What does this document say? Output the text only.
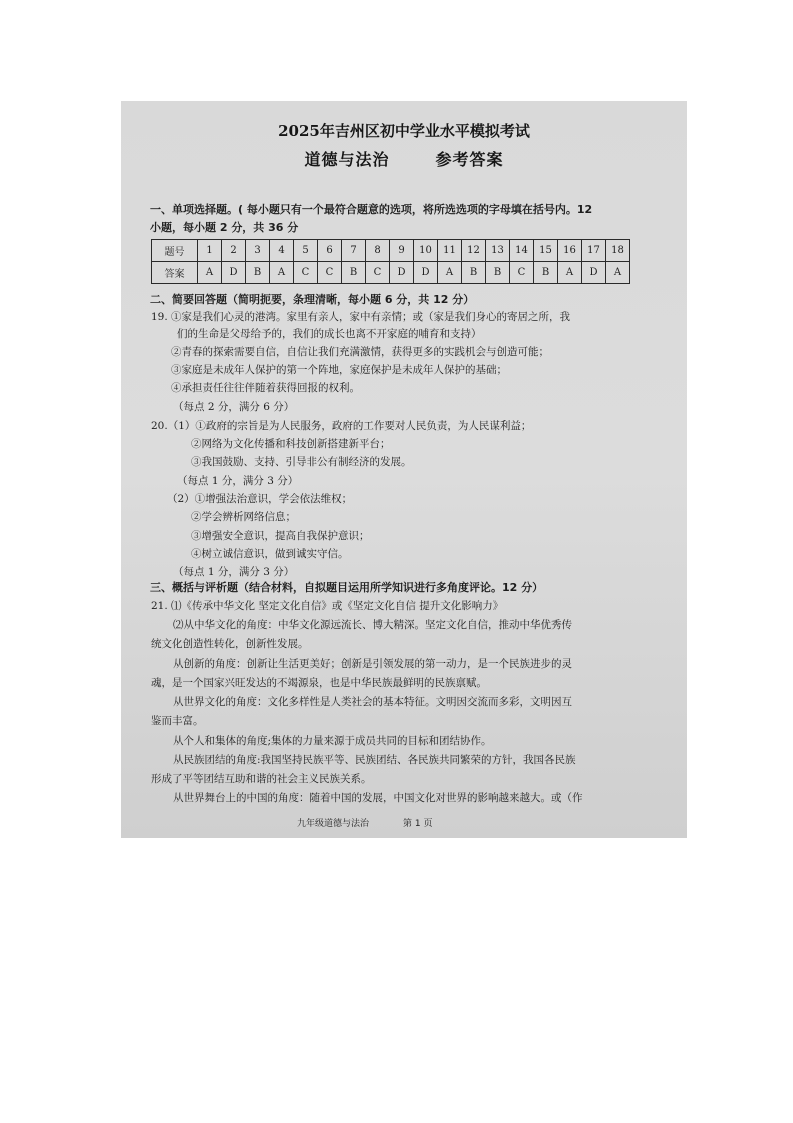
2025年吉州区初中学业水平模拟考试
道德与法治	参考答案
一、单项选择题。( 每小题只有一个最符合题意的选项，将所选选项的字母填在括号内。12
小题，每小题 2 分，共 36 分
题号	1	2	3	4	5	6	7	8	9	10	11	12	13	14	15	16	17	18
答案	A	D	B	A	C	C	B	C	D	D	A	B	B	C	B	A	D	A
二、简要回答题（简明扼要，条理清晰，每小题 6 分，共 12 分）
19. ①家是我们心灵的港湾。家里有亲人，家中有亲情；或（家是我们身心的寄居之所，我
们的生命是父母给予的，我们的成长也离不开家庭的哺育和支持）
②青春的探索需要自信，自信让我们充满激情，获得更多的实践机会与创造可能；
③家庭是未成年人保护的第一个阵地，家庭保护是未成年人保护的基础；
④承担责任往往伴随着获得回报的权利。
（每点 2 分，满分 6 分）
20.（1）①政府的宗旨是为人民服务，政府的工作要对人民负责，为人民谋利益；
②网络为文化传播和科技创新搭建新平台；
③我国鼓励、支持、引导非公有制经济的发展。
（每点 1 分，满分 3 分）
（2）①增强法治意识，学会依法维权；
②学会辨析网络信息；
③增强安全意识，提高自我保护意识；
④树立诚信意识，做到诚实守信。
（每点 1 分，满分 3 分）
三、概括与评析题（结合材料，自拟题目运用所学知识进行多角度评论。12 分）
21. ⑴《传承中华文化 坚定文化自信》或《坚定文化自信 提升文化影响力》
⑵从中华文化的角度：中华文化源远流长、博大精深。坚定文化自信，推动中华优秀传
统文化创造性转化，创新性发展。
从创新的角度：创新让生活更美好；创新是引领发展的第一动力，是一个民族进步的灵
魂，是一个国家兴旺发达的不竭源泉，也是中华民族最鲜明的民族禀赋。
从世界文化的角度：文化多样性是人类社会的基本特征。文明因交流而多彩，文明因互
鉴而丰富。
从个人和集体的角度;集体的力量来源于成员共同的目标和团结协作。
从民族团结的角度:我国坚持民族平等、民族团结、各民族共同繁荣的方针，我国各民族
形成了平等团结互助和谐的社会主义民族关系。
从世界舞台上的中国的角度：随着中国的发展，中国文化对世界的影响越来越大。或（作
九年级道德与法治	第 1 页
